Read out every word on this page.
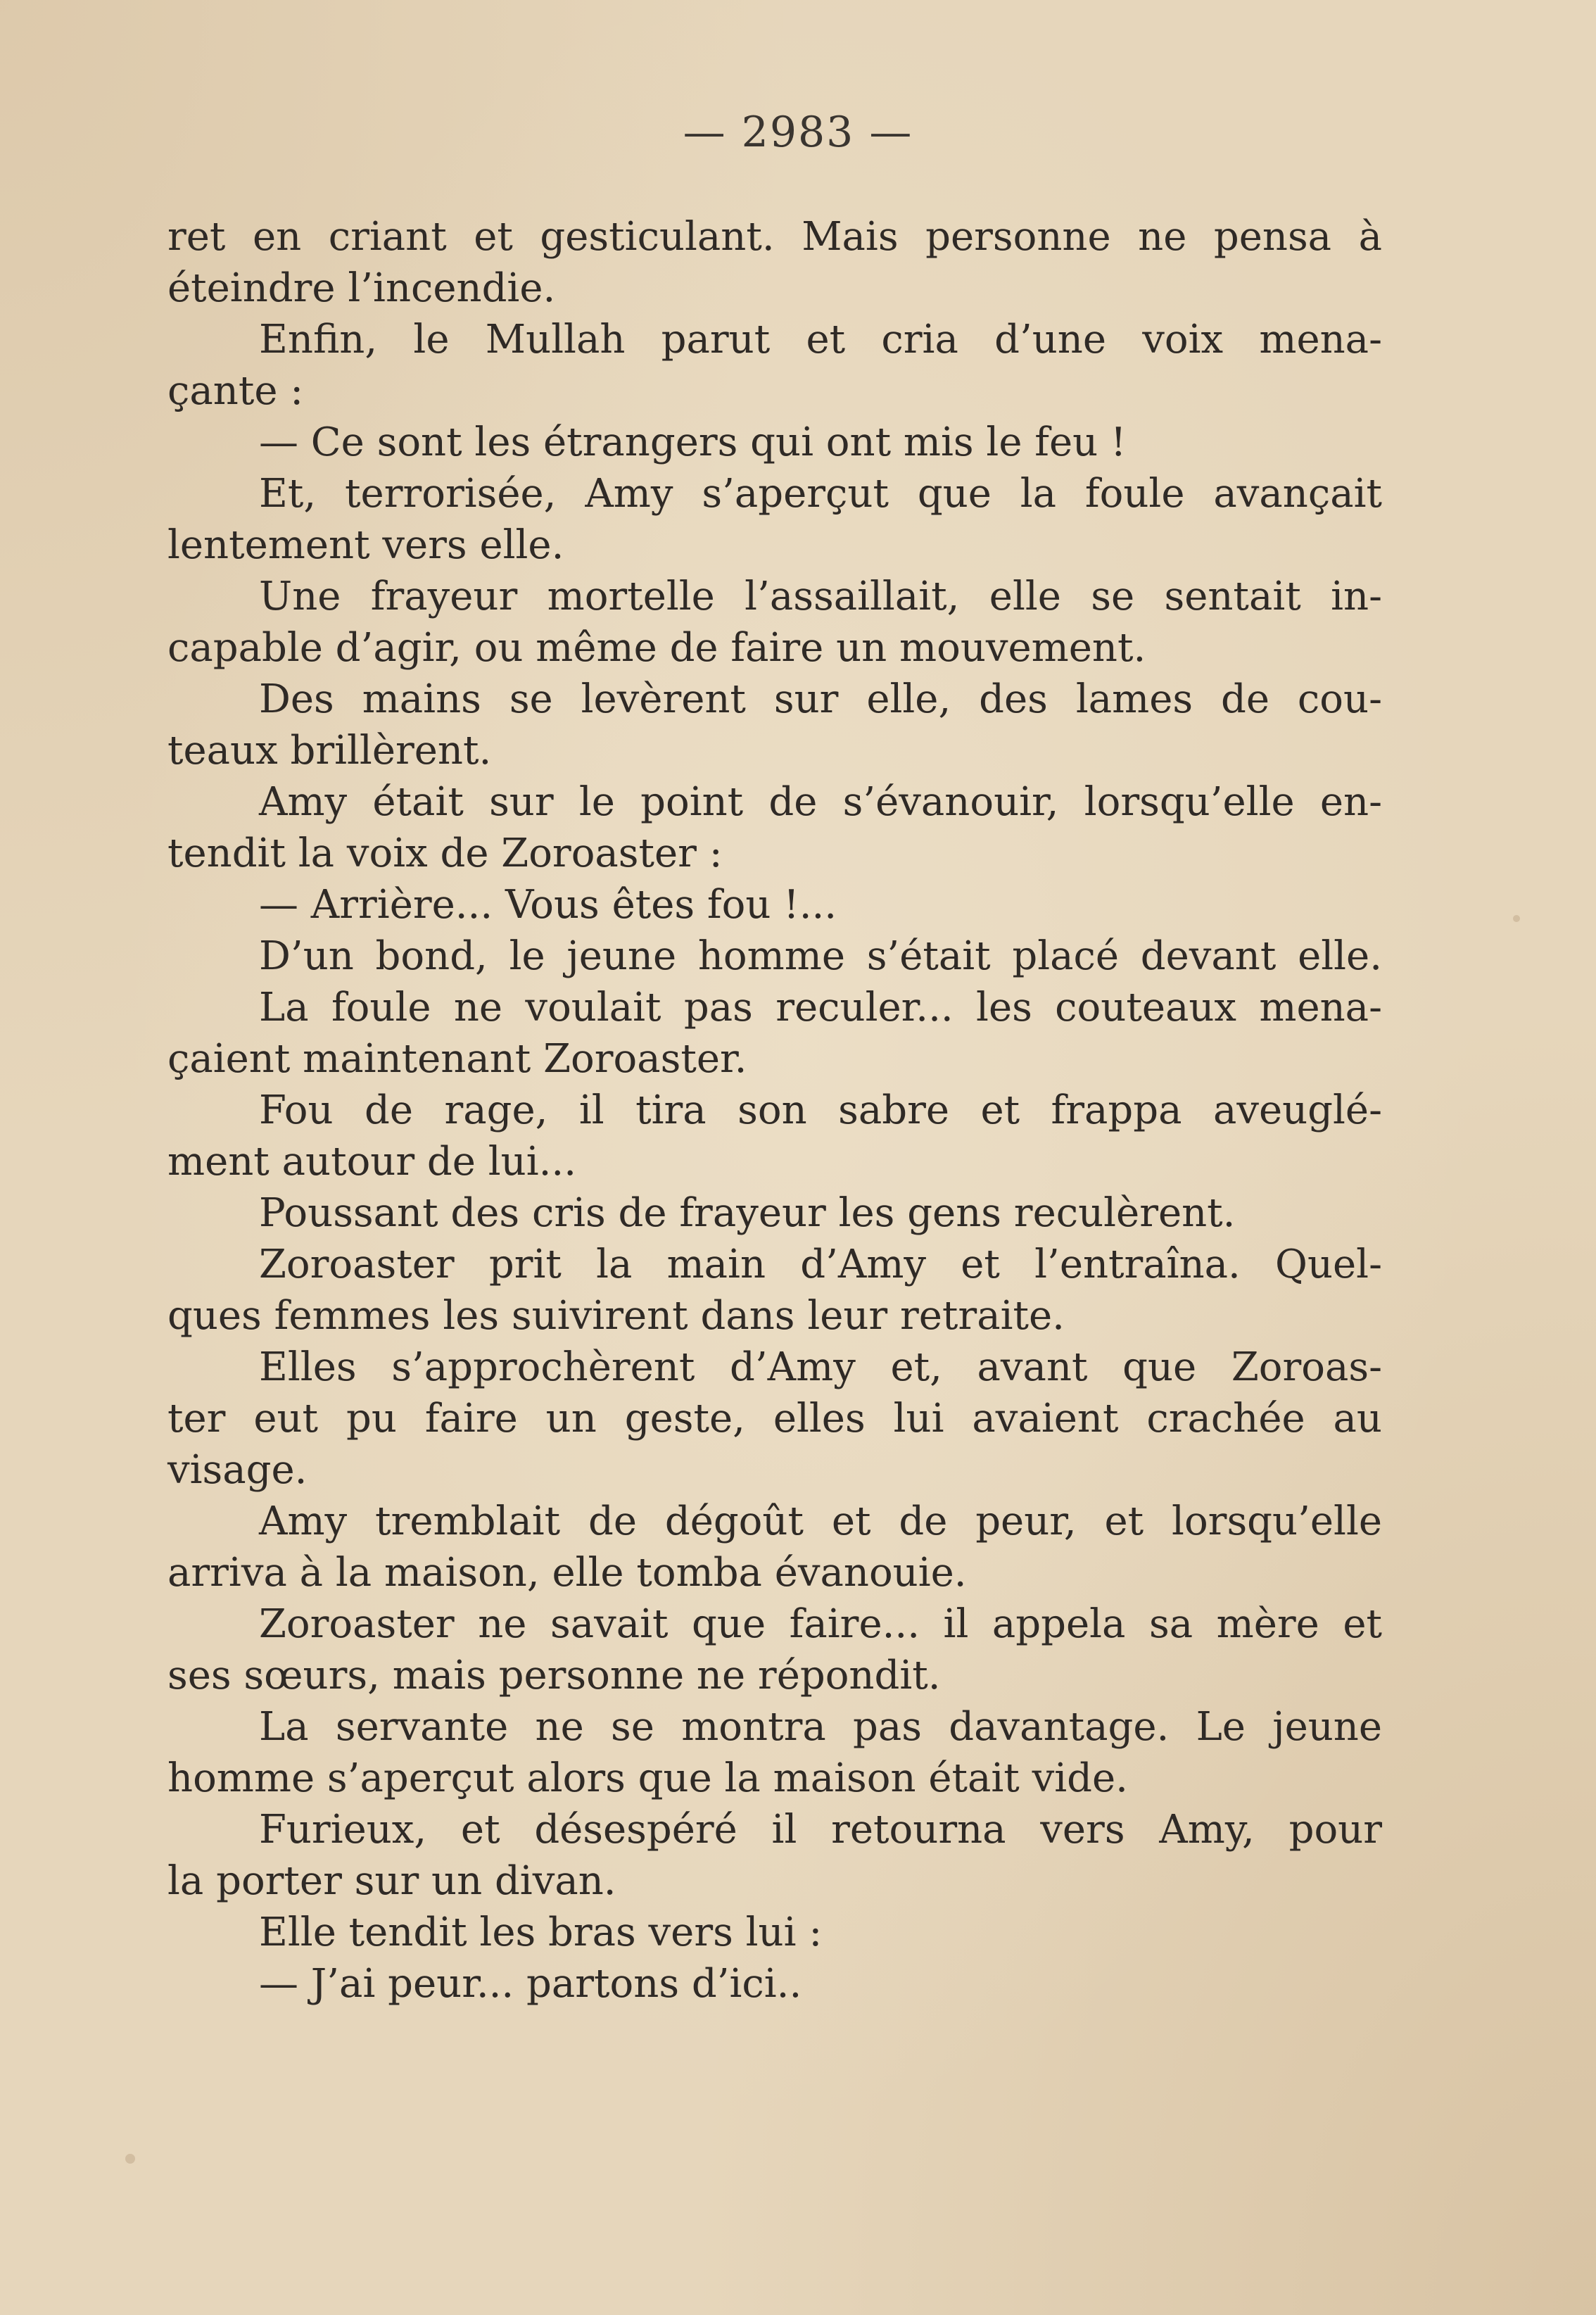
— 2983 —
ret en criant et gesticulant. Mais personne ne pensa à
éteindre l’incendie.
Enfin, le Mullah parut et cria d’une voix mena-
çante :
— Ce sont les étrangers qui ont mis le feu !
Et, terrorisée, Amy s’aperçut que la foule avançait
lentement vers elle.
Une frayeur mortelle l’assaillait, elle se sentait in-
capable d’agir, ou même de faire un mouvement.
Des mains se levèrent sur elle, des lames de cou-
teaux brillèrent.
Amy était sur le point de s’évanouir, lorsqu’elle en-
tendit la voix de Zoroaster :
— Arrière... Vous êtes fou !...
D’un bond, le jeune homme s’était placé devant elle.
La foule ne voulait pas reculer... les couteaux mena-
çaient maintenant Zoroaster.
Fou de rage, il tira son sabre et frappa aveuglé-
ment autour de lui...
Poussant des cris de frayeur les gens reculèrent.
Zoroaster prit la main d’Amy et l’entraîna. Quel-
ques femmes les suivirent dans leur retraite.
Elles s’approchèrent d’Amy et, avant que Zoroas-
ter eut pu faire un geste, elles lui avaient crachée au
visage.
Amy tremblait de dégoût et de peur, et lorsqu’elle
arriva à la maison, elle tomba évanouie.
Zoroaster ne savait que faire... il appela sa mère et
ses sœurs, mais personne ne répondit.
La servante ne se montra pas davantage. Le jeune
homme s’aperçut alors que la maison était vide.
Furieux, et désespéré il retourna vers Amy, pour
la porter sur un divan.
Elle tendit les bras vers lui :
— J’ai peur... partons d’ici..
